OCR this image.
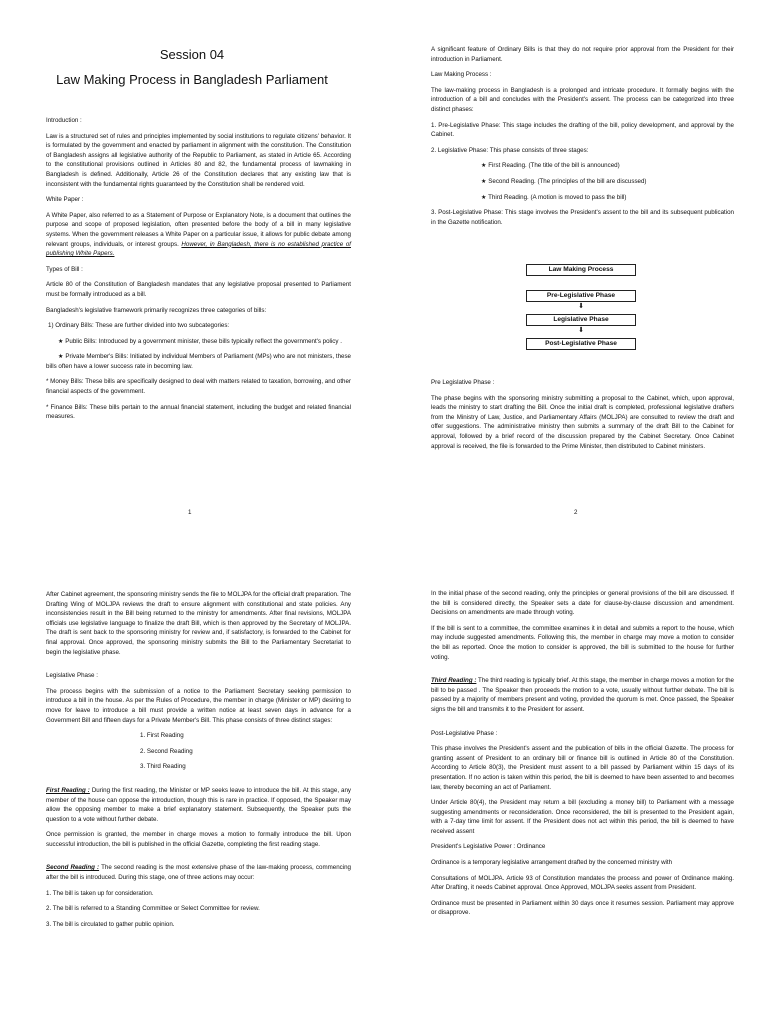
Session 04
Law Making Process in Bangladesh Parliament

Introduction :

Law is a structured set of rules and principles implemented by social institutions to regulate citizens' behavior. It is formulated by the government and enacted by parliament in alignment with the constitution. The Constitution of Bangladesh assigns all legislative authority of the Republic to Parliament, as stated in Article 65. According to the constitutional provisions outlined in Articles 80 and 82, the fundamental process of lawmaking in Bangladesh is defined. Additionally, Article 26 of the Constitution declares that any existing law that is inconsistent with the fundamental rights guaranteed by the Constitution shall be rendered void.

White Paper :

A White Paper, also referred to as a Statement of Purpose or Explanatory Note, is a document that outlines the purpose and scope of proposed legislation, often presented before the body of a bill in many legislative systems. When the government releases a White Paper on a particular issue, it allows for public debate among relevant groups, individuals, or interest groups. However, in Bangladesh, there is no established practice of publishing White Papers.

Types of Bill :

Article 80 of the Constitution of Bangladesh mandates that any legislative proposal presented to Parliament must be formally introduced as a bill.

Bangladesh's legislative framework primarily recognizes three categories of bills:

1) Ordinary Bills: These are further divided into two subcategories:

★ Public Bills: Introduced by a government minister, these bills typically reflect the government's policy .

★ Private Member's Bills: Initiated by individual Members of Parliament (MPs) who are not ministers, these bills often have a lower success rate in becoming law.

* Money Bills: These bills are specifically designed to deal with matters related to taxation, borrowing, and other financial aspects of the government.

* Finance Bills: These bills pertain to the annual financial statement, including the budget and related financial measures.

1

A significant feature of Ordinary Bills is that they do not require prior approval from the President for their introduction in Parliament.

Law Making Process :

The law-making process in Bangladesh is a prolonged and intricate procedure. It formally begins with the introduction of a bill and concludes with the President's assent. The process can be categorized into three distinct phases:

1. Pre-Legislative Phase: This stage includes the drafting of the bill, policy development, and approval by the Cabinet.

2. Legislative Phase: This phase consists of three stages:

★ First Reading. (The title of the bill is announced)

★ Second Reading. (The principles of the bill are discussed)

★ Third Reading. (A motion is moved to pass the bill)

3. Post-Legislative Phase: This stage involves the President's assent to the bill and its subsequent publication in the Gazette notification.

Pre Legislative Phase :

The phase begins with the sponsoring ministry submitting a proposal to the Cabinet, which, upon approval, leads the ministry to start drafting the Bill. Once the initial draft is completed, professional legislative drafters from the Ministry of Law, Justice, and Parliamentary Affairs (MOLJPA) are consulted to review the draft and offer suggestions. The administrative ministry then submits a summary of the draft Bill to the Cabinet for approval, followed by a brief record of the discussion prepared by the Cabinet Secretary. Once Cabinet approval is received, the file is forwarded to the Prime Minister, then distributed to Cabinet ministers.

2
Law Making Process
Pre-Legislative Phase
⬇
Legislative Phase
⬇
Post-Legislative Phase

After Cabinet agreement, the sponsoring ministry sends the file to MOLJPA for the official draft preparation. The Drafting Wing of MOLJPA reviews the draft to ensure alignment with constitutional and state policies. Any inconsistencies result in the Bill being returned to the ministry for amendments. After final revisions, MOLJPA officials use legislative language to finalize the draft Bill, which is then approved by the Secretary of MOLJPA. The draft is sent back to the sponsoring ministry for review and, if satisfactory, is forwarded to the Cabinet for final approval. Once approved, the sponsoring ministry submits the Bill to the Parliamentary Secretariat to begin the legislative phase.

Legislative Phase :

The process begins with the submission of a notice to the Parliament Secretary seeking permission to introduce a bill in the house. As per the Rules of Procedure, the member in charge (Minister or MP) desiring to move for leave to introduce a bill must provide a written notice at least seven days in advance for a Government Bill and fifteen days for a Private Member's Bill. This phase consists of three distinct stages:

1. First Reading

2. Second Reading

3. Third Reading

First Reading : During the first reading, the Minister or MP seeks leave to introduce the bill. At this stage, any member of the house can oppose the introduction, though this is rare in practice. If opposed, the Speaker may allow the opposing member to make a brief explanatory statement. Subsequently, the Speaker puts the question to a vote without further debate.

Once permission is granted, the member in charge moves a motion to formally introduce the bill. Upon successful introduction, the bill is published in the official Gazette, completing the first reading stage.

Second Reading : The second reading is the most extensive phase of the law-making process, commencing after the bill is introduced. During this stage, one of three actions may occur:

1. The bill is taken up for consideration.

2. The bill is referred to a Standing Committee or Select Committee for review.

3. The bill is circulated to gather public opinion.

In the initial phase of the second reading, only the principles or general provisions of the bill are discussed. If the bill is considered directly, the Speaker sets a date for clause-by-clause discussion and amendment. Decisions on amendments are made through voting.

If the bill is sent to a committee, the committee examines it in detail and submits a report to the house, which may include suggested amendments. Following this, the member in charge may move a motion to consider the bill as reported. Once the motion to consider is approved, the bill is submitted to the house for further voting.

Third Reading : The third reading is typically brief. At this stage, the member in charge moves a motion for the bill to be passed . The Speaker then proceeds the motion to a vote, usually without further debate. The bill is passed by a majority of members present and voting, provided the quorum is met. Once passed, the Speaker signs the bill and transmits it to the President for assent.

Post-Legislative Phase :

This phase involves the President's assent and the publication of bills in the official Gazette. The process for granting assent of President to an ordinary bill or finance bill is outlined in Article 80 of the Constitution. According to Article 80(3), the President must assent to a bill passed by Parliament within 15 days of its presentation. If no action is taken within this period, the bill is deemed to have been assented to and becomes law, thereby becoming an act of Parliament.

Under Article 80(4), the President may return a bill (excluding a money bill) to Parliament with a message suggesting amendments or reconsideration. Once reconsidered, the bill is presented to the President again, with a 7-day time limit for assent. If the President does not act within this period, the bill is deemed to have received assent

President's Legislative Power : Ordinance

Ordinance is a temporary legislative arrangement drafted by the concerned ministry with

Consultations of MOLJPA. Article 93 of Constitution mandates the process and power of Ordinance making. After Drafting, it needs Cabinet approval. Once Approved, MOLJPA seeks assent from President.

Ordinance must be presented in Parliament within 30 days once it resumes session. Parliament may approve or disapprove.
